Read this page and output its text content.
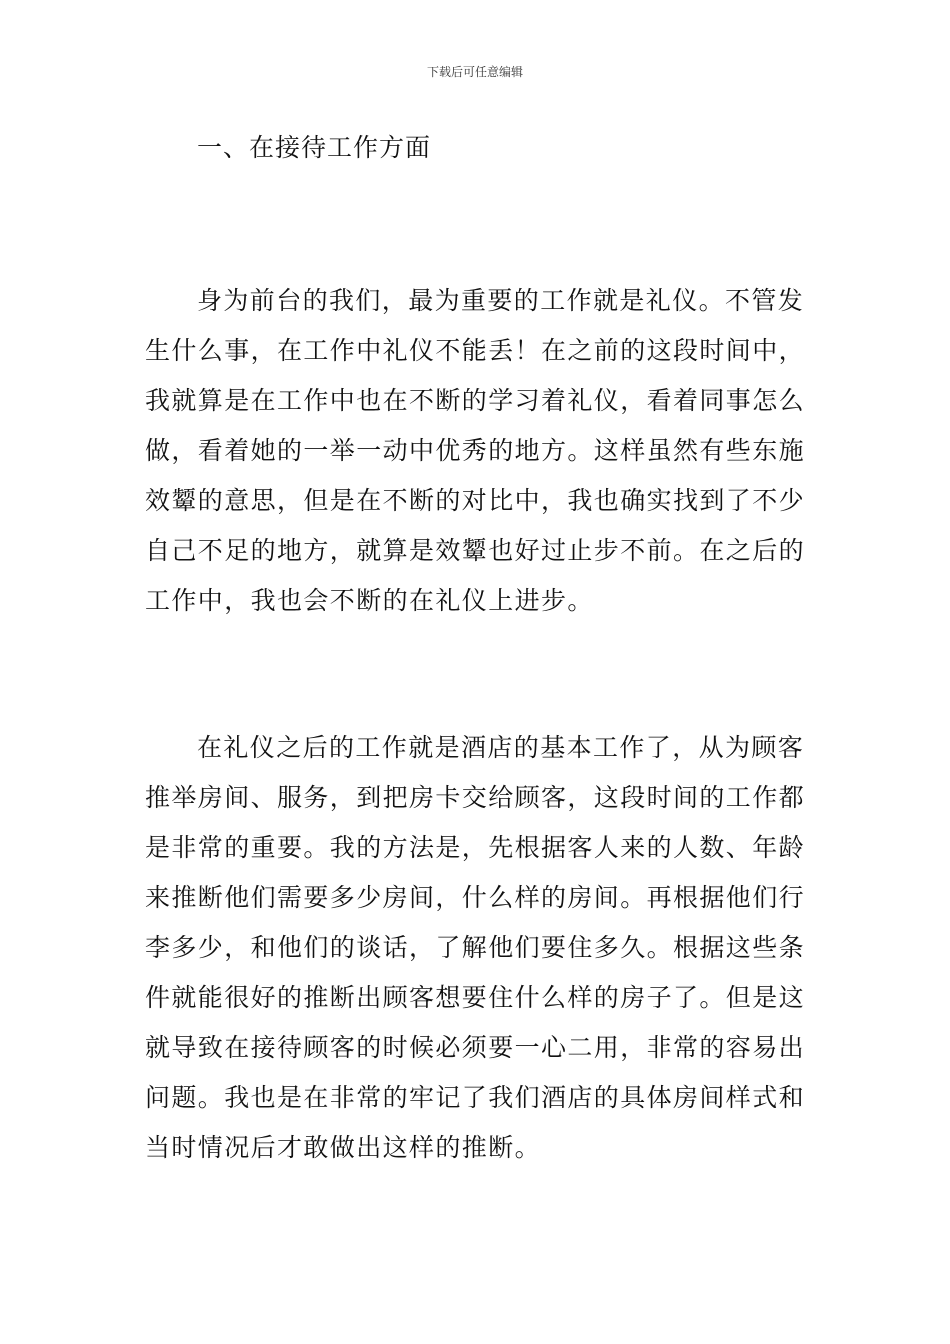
下载后可任意编辑
一、在接待工作方面
身为前台的我们，最为重要的工作就是礼仪。不管发
生什么事，在工作中礼仪不能丢！在之前的这段时间中，
我就算是在工作中也在不断的学习着礼仪，看着同事怎么
做，看着她的一举一动中优秀的地方。这样虽然有些东施
效颦的意思，但是在不断的对比中，我也确实找到了不少
自己不足的地方，就算是效颦也好过止步不前。在之后的
工作中，我也会不断的在礼仪上进步。
在礼仪之后的工作就是酒店的基本工作了，从为顾客
推举房间、服务，到把房卡交给顾客，这段时间的工作都
是非常的重要。我的方法是，先根据客人来的人数、年龄
来推断他们需要多少房间，什么样的房间。再根据他们行
李多少，和他们的谈话，了解他们要住多久。根据这些条
件就能很好的推断出顾客想要住什么样的房子了。但是这
就导致在接待顾客的时候必须要一心二用，非常的容易出
问题。我也是在非常的牢记了我们酒店的具体房间样式和
当时情况后才敢做出这样的推断。
